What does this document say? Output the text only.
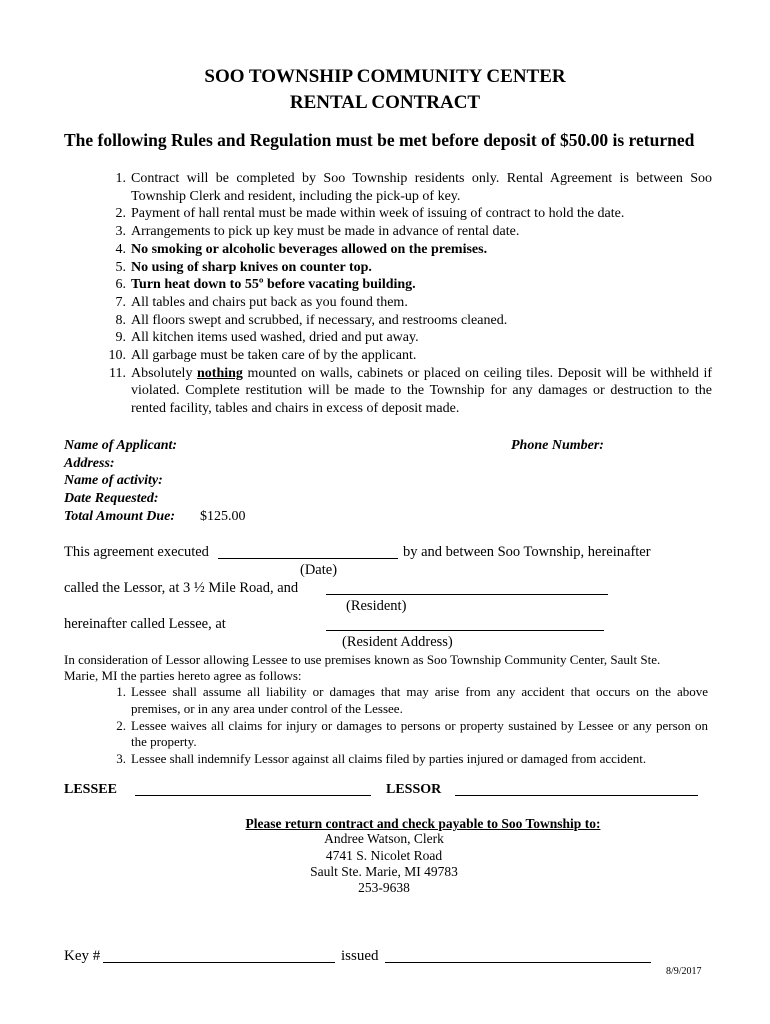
SOO TOWNSHIP COMMUNITY CENTER
RENTAL CONTRACT
The following Rules and Regulation must be met before deposit of $50.00 is returned
1. Contract will be completed by Soo Township residents only. Rental Agreement is between Soo Township Clerk and resident, including the pick-up of key.
2. Payment of hall rental must be made within week of issuing of contract to hold the date.
3. Arrangements to pick up key must be made in advance of rental date.
4. No smoking or alcoholic beverages allowed on the premises.
5. No using of sharp knives on counter top.
6. Turn heat down to 55º before vacating building.
7. All tables and chairs put back as you found them.
8. All floors swept and scrubbed, if necessary, and restrooms cleaned.
9. All kitchen items used washed, dried and put away.
10. All garbage must be taken care of by the applicant.
11. Absolutely nothing mounted on walls, cabinets or placed on ceiling tiles. Deposit will be withheld if violated. Complete restitution will be made to the Township for any damages or destruction to the rented facility, tables and chairs in excess of deposit made.
Name of Applicant:	Phone Number:
Address:
Name of activity:
Date Requested:
Total Amount Due: $125.00
This agreement executed	by and between Soo Township, hereinafter
(Date)
called the Lessor, at 3 ½ Mile Road, and
(Resident)
hereinafter called Lessee, at
(Resident Address)
In consideration of Lessor allowing Lessee to use premises known as Soo Township Community Center, Sault Ste.
Marie, MI the parties hereto agree as follows:
1. Lessee shall assume all liability or damages that may arise from any accident that occurs on the above premises, or in any area under control of the Lessee.
2. Lessee waives all claims for injury or damages to persons or property sustained by Lessee or any person on the property.
3. Lessee shall indemnify Lessor against all claims filed by parties injured or damaged from accident.
LESSEE	LESSOR
Please return contract and check payable to Soo Township to:
Andree Watson, Clerk
4741 S. Nicolet Road
Sault Ste. Marie, MI 49783
253-9638
Key #	issued
8/9/2017
